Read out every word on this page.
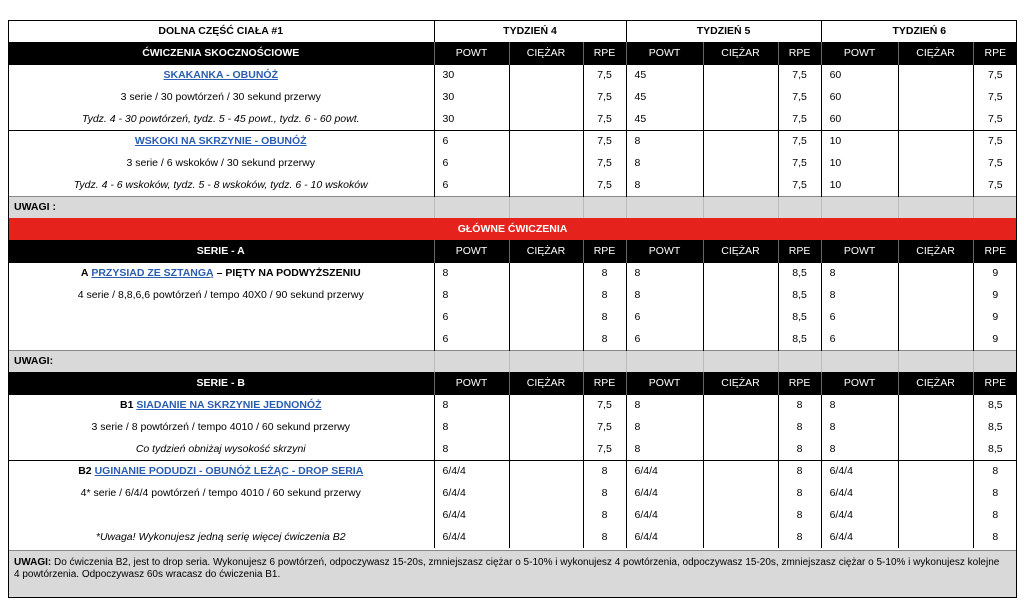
DOLNA CZĘŚĆ CIAŁA #1	TYDZIEŃ 4			TYDZIEŃ 5			TYDZIEŃ 6		
ĆWICZENIA SKOCZNOŚCIOWE	POWT	CIĘŻAR	RPE	POWT	CIĘŻAR	RPE	POWT	CIĘŻAR	RPE
SKAKANKA - OBUNÓŻ	30		7,5	45		7,5	60		7,5
3 serie / 30 powtórzeń / 30 sekund przerwy	30		7,5	45		7,5	60		7,5
Tydz. 4 - 30 powtórzeń, tydz. 5 - 45 powt., tydz. 6 - 60 powt.	30		7,5	45		7,5	60		7,5
WSKOKI NA SKRZYNIE - OBUNÓŻ	6		7,5	8		7,5	10		7,5
3 serie / 6 wskoków / 30 sekund przerwy	6		7,5	8		7,5	10		7,5
Tydz. 4 - 6 wskoków, tydz. 5 - 8 wskoków, tydz. 6 - 10 wskoków	6		7,5	8		7,5	10		7,5
UWAGI :									
GŁÓWNE ĆWICZENIA									
SERIE - A	POWT	CIĘŻAR	RPE	POWT	CIĘŻAR	RPE	POWT	CIĘŻAR	RPE
A PRZYSIAD ZE SZTANGĄ – PIĘTY NA PODWYŻSZENIU	8		8	8		8,5	8		9
4 serie / 8,8,6,6 powtórzeń / tempo 40X0 / 90 sekund przerwy	8		8	8		8,5	8		9
	6		8	6		8,5	6		9
	6		8	6		8,5	6		9
UWAGI:									
SERIE - B	POWT	CIĘŻAR	RPE	POWT	CIĘŻAR	RPE	POWT	CIĘŻAR	RPE
B1 SIADANIE NA SKRZYNIE JEDNONÓŻ	8		7,5	8		8	8		8,5
3 serie / 8 powtórzeń / tempo 4010 / 60 sekund przerwy	8		7,5	8		8	8		8,5
Co tydzień obniżaj wysokość skrzyni	8		7,5	8		8	8		8,5
B2 UGINANIE PODUDZI - OBUNÓŻ LEŻĄC - DROP SERIA	6/4/4		8	6/4/4		8	6/4/4		8
4* serie / 6/4/4 powtórzeń / tempo 4010 / 60 sekund przerwy	6/4/4		8	6/4/4		8	6/4/4		8
	6/4/4		8	6/4/4		8	6/4/4		8
*Uwaga! Wykonujesz jedną serię więcej ćwiczenia B2	6/4/4		8	6/4/4		8	6/4/4		8
UWAGI: Do ćwiczenia B2, jest to drop seria. Wykonujesz 6 powtórzeń, odpoczywasz 15-20s, zmniejszasz ciężar o 5-10% i wykonujesz 4 powtórzenia, odpoczywasz 15-20s, zmniejszasz ciężar o 5-10% i wykonujesz kolejne 4 powtórzenia. Odpoczywasz 60s wracasz do ćwiczenia B1.
